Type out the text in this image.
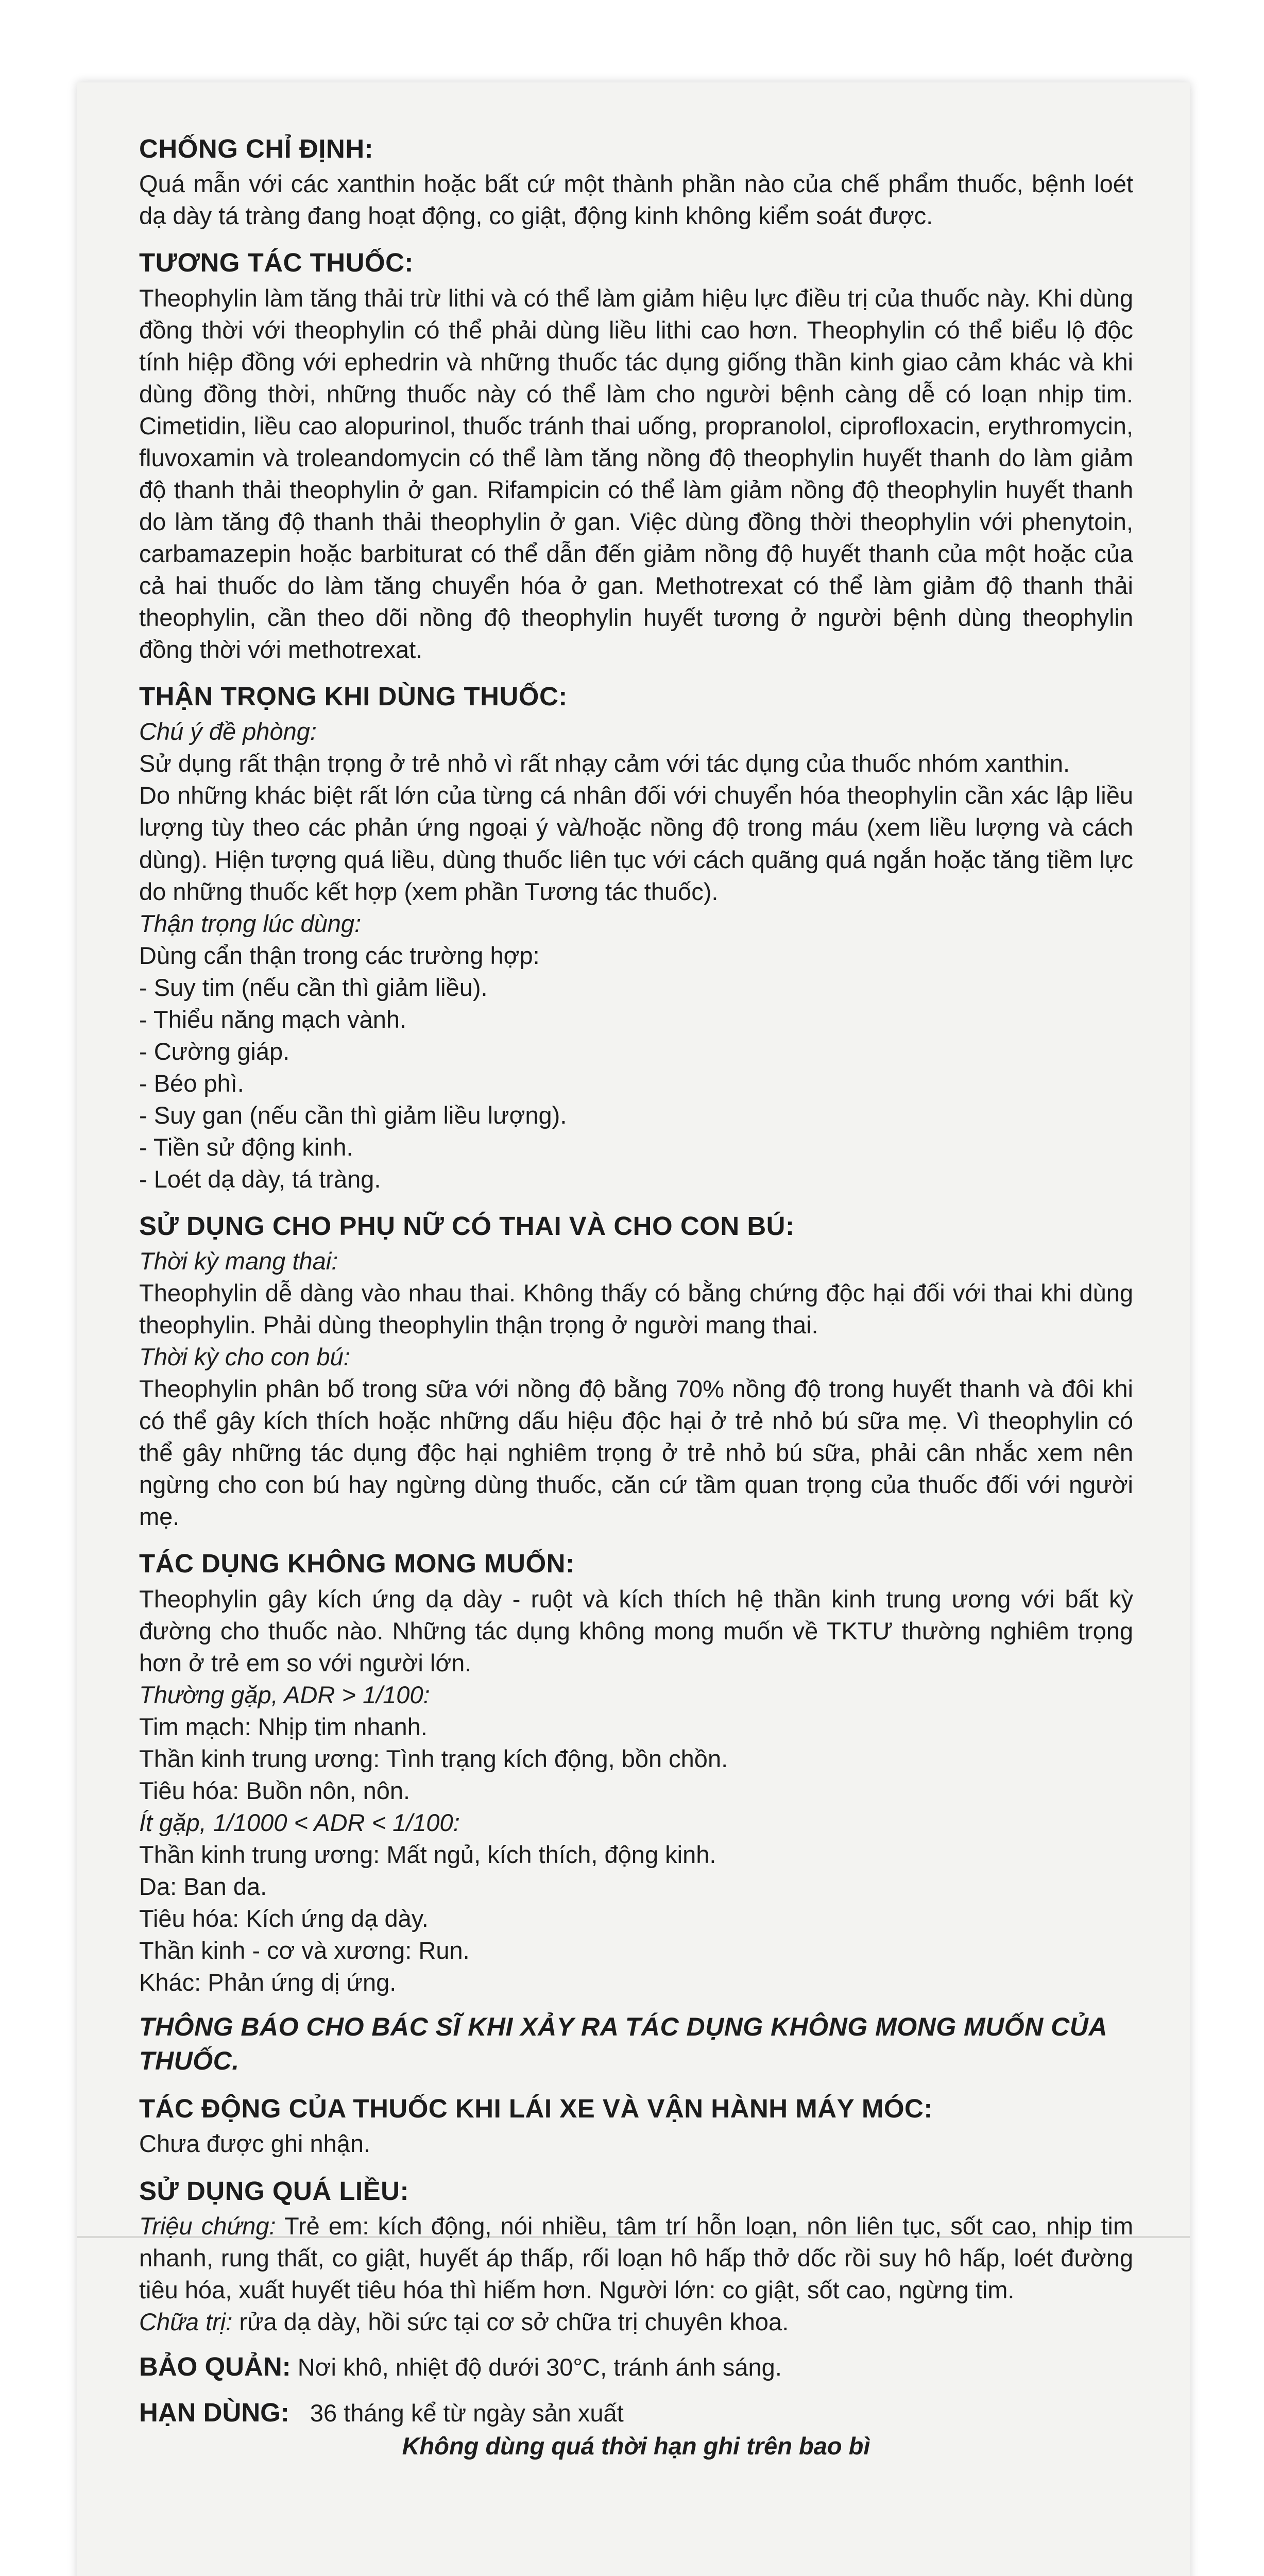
CHỐNG CHỈ ĐỊNH:

Quá mẫn với các xanthin hoặc bất cứ một thành phần nào của chế phẩm thuốc, bệnh loét dạ dày tá tràng đang hoạt động, co giật, động kinh không kiểm soát được.

TƯƠNG TÁC THUỐC:

Theophylin làm tăng thải trừ lithi và có thể làm giảm hiệu lực điều trị của thuốc này. Khi dùng đồng thời với theophylin có thể phải dùng liều lithi cao hơn. Theophylin có thể biểu lộ độc tính hiệp đồng với ephedrin và những thuốc tác dụng giống thần kinh giao cảm khác và khi dùng đồng thời, những thuốc này có thể làm cho người bệnh càng dễ có loạn nhịp tim. Cimetidin, liều cao alopurinol, thuốc tránh thai uống, propranolol, ciprofloxacin, erythromycin, fluvoxamin và troleandomycin có thể làm tăng nồng độ theophylin huyết thanh do làm giảm độ thanh thải theophylin ở gan. Rifampicin có thể làm giảm nồng độ theophylin huyết thanh do làm tăng độ thanh thải theophylin ở gan. Việc dùng đồng thời theophylin với phenytoin, carbamazepin hoặc barbiturat có thể dẫn đến giảm nồng độ huyết thanh của một hoặc của cả hai thuốc do làm tăng chuyển hóa ở gan. Methotrexat có thể làm giảm độ thanh thải theophylin, cần theo dõi nồng độ theophylin huyết tương ở người bệnh dùng theophylin đồng thời với methotrexat.

THẬN TRỌNG KHI DÙNG THUỐC:

Chú ý đề phòng:

Sử dụng rất thận trọng ở trẻ nhỏ vì rất nhạy cảm với tác dụng của thuốc nhóm xanthin.

Do những khác biệt rất lớn của từng cá nhân đối với chuyển hóa theophylin cần xác lập liều lượng tùy theo các phản ứng ngoại ý và/hoặc nồng độ trong máu (xem liều lượng và cách dùng). Hiện tượng quá liều, dùng thuốc liên tục với cách quãng quá ngắn hoặc tăng tiềm lực do những thuốc kết hợp (xem phần Tương tác thuốc).

Thận trọng lúc dùng:

Dùng cẩn thận trong các trường hợp:

- Suy tim (nếu cần thì giảm liều).

- Thiểu năng mạch vành.

- Cường giáp.

- Béo phì.

- Suy gan (nếu cần thì giảm liều lượng).

- Tiền sử động kinh.

- Loét dạ dày, tá tràng.

SỬ DỤNG CHO PHỤ NỮ CÓ THAI VÀ CHO CON BÚ:

Thời kỳ mang thai:

Theophylin dễ dàng vào nhau thai. Không thấy có bằng chứng độc hại đối với thai khi dùng theophylin. Phải dùng theophylin thận trọng ở người mang thai.

Thời kỳ cho con bú:

Theophylin phân bố trong sữa với nồng độ bằng 70% nồng độ trong huyết thanh và đôi khi có thể gây kích thích hoặc những dấu hiệu độc hại ở trẻ nhỏ bú sữa mẹ. Vì theophylin có thể gây những tác dụng độc hại nghiêm trọng ở trẻ nhỏ bú sữa, phải cân nhắc xem nên ngừng cho con bú hay ngừng dùng thuốc, căn cứ tầm quan trọng của thuốc đối với người mẹ.

TÁC DỤNG KHÔNG MONG MUỐN:

Theophylin gây kích ứng dạ dày - ruột và kích thích hệ thần kinh trung ương với bất kỳ đường cho thuốc nào. Những tác dụng không mong muốn về TKTƯ thường nghiêm trọng hơn ở trẻ em so với người lớn.

Thường gặp, ADR > 1/100:

Tim mạch: Nhịp tim nhanh.

Thần kinh trung ương: Tình trạng kích động, bồn chồn.

Tiêu hóa: Buồn nôn, nôn.

Ít gặp, 1/1000 < ADR < 1/100:

Thần kinh trung ương: Mất ngủ, kích thích, động kinh.

Da: Ban da.

Tiêu hóa: Kích ứng dạ dày.

Thần kinh - cơ và xương: Run.

Khác: Phản ứng dị ứng.

THÔNG BÁO CHO BÁC SĨ KHI XẢY RA TÁC DỤNG KHÔNG MONG MUỐN CỦA THUỐC.
TÁC ĐỘNG CỦA THUỐC KHI LÁI XE VÀ VẬN HÀNH MÁY MÓC:

Chưa được ghi nhận.

SỬ DỤNG QUÁ LIỀU:

Triệu chứng: Trẻ em: kích động, nói nhiều, tâm trí hỗn loạn, nôn liên tục, sốt cao, nhịp tim nhanh, rung thất, co giật, huyết áp thấp, rối loạn hô hấp thở dốc rồi suy hô hấp, loét đường tiêu hóa, xuất huyết tiêu hóa thì hiếm hơn. Người lớn: co giật, sốt cao, ngừng tim.

Chữa trị: rửa dạ dày, hồi sức tại cơ sở chữa trị chuyên khoa.

BẢO QUẢN: Nơi khô, nhiệt độ dưới 30°C, tránh ánh sáng.

HẠN DÙNG: 36 tháng kể từ ngày sản xuất

Không dùng quá thời hạn ghi trên bao bì
